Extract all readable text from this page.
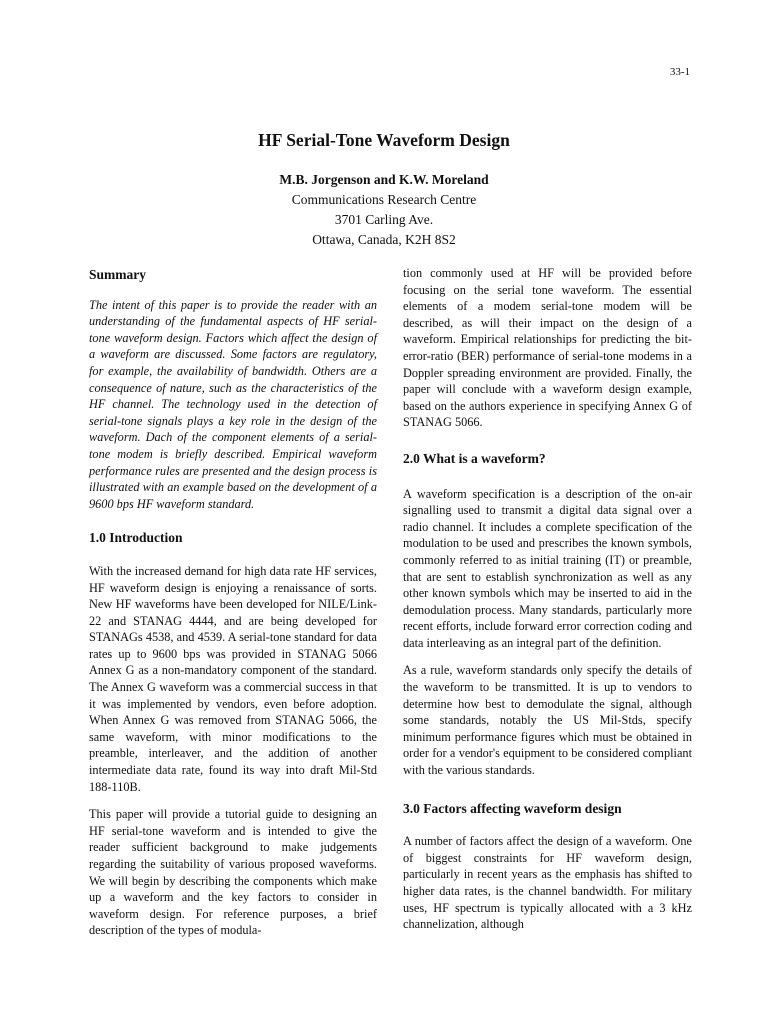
33-1
HF Serial-Tone Waveform Design
M.B. Jorgenson and K.W. Moreland
Communications Research Centre
3701 Carling Ave.
Ottawa, Canada, K2H 8S2
Summary

The intent of this paper is to provide the reader with an understanding of the fundamental aspects of HF serial-tone waveform design. Factors which affect the design of a waveform are discussed. Some factors are regulatory, for example, the availability of bandwidth. Others are a consequence of nature, such as the characteristics of the HF channel. The technology used in the detection of serial-tone signals plays a key role in the design of the waveform. Dach of the component elements of a serial-tone modem is briefly described. Empirical waveform performance rules are presented and the design process is illustrated with an example based on the development of a 9600 bps HF waveform standard.

1.0 Introduction

With the increased demand for high data rate HF services, HF waveform design is enjoying a renaissance of sorts. New HF waveforms have been developed for NILE/Link-22 and STANAG 4444, and are being developed for STANAGs 4538, and 4539. A serial-tone standard for data rates up to 9600 bps was provided in STANAG 5066 Annex G as a non-mandatory component of the standard. The Annex G waveform was a commercial success in that it was implemented by vendors, even before adoption. When Annex G was removed from STANAG 5066, the same waveform, with minor modifications to the preamble, interleaver, and the addition of another intermediate data rate, found its way into draft Mil-Std 188-110B.

This paper will provide a tutorial guide to designing an HF serial-tone waveform and is intended to give the reader sufficient background to make judgements regarding the suitability of various proposed waveforms. We will begin by describing the components which make up a waveform and the key factors to consider in waveform design. For reference purposes, a brief description of the types of modula-

tion commonly used at HF will be provided before focusing on the serial tone waveform. The essential elements of a modem serial-tone modem will be described, as will their impact on the design of a waveform. Empirical relationships for predicting the bit-error-ratio (BER) performance of serial-tone modems in a Doppler spreading environment are provided. Finally, the paper will conclude with a waveform design example, based on the authors experience in specifying Annex G of STANAG 5066.

2.0 What is a waveform?

A waveform specification is a description of the on-air signalling used to transmit a digital data signal over a radio channel. It includes a complete specification of the modulation to be used and prescribes the known symbols, commonly referred to as initial training (IT) or preamble, that are sent to establish synchronization as well as any other known symbols which may be inserted to aid in the demodulation process. Many standards, particularly more recent efforts, include forward error correction coding and data interleaving as an integral part of the definition.

As a rule, waveform standards only specify the details of the waveform to be transmitted. It is up to vendors to determine how best to demodulate the signal, although some standards, notably the US Mil-Stds, specify minimum performance figures which must be obtained in order for a vendor's equipment to be considered compliant with the various standards.

3.0 Factors affecting waveform design

A number of factors affect the design of a waveform. One of biggest constraints for HF waveform design, particularly in recent years as the emphasis has shifted to higher data rates, is the channel bandwidth. For military uses, HF spectrum is typically allocated with a 3 kHz channelization, although
